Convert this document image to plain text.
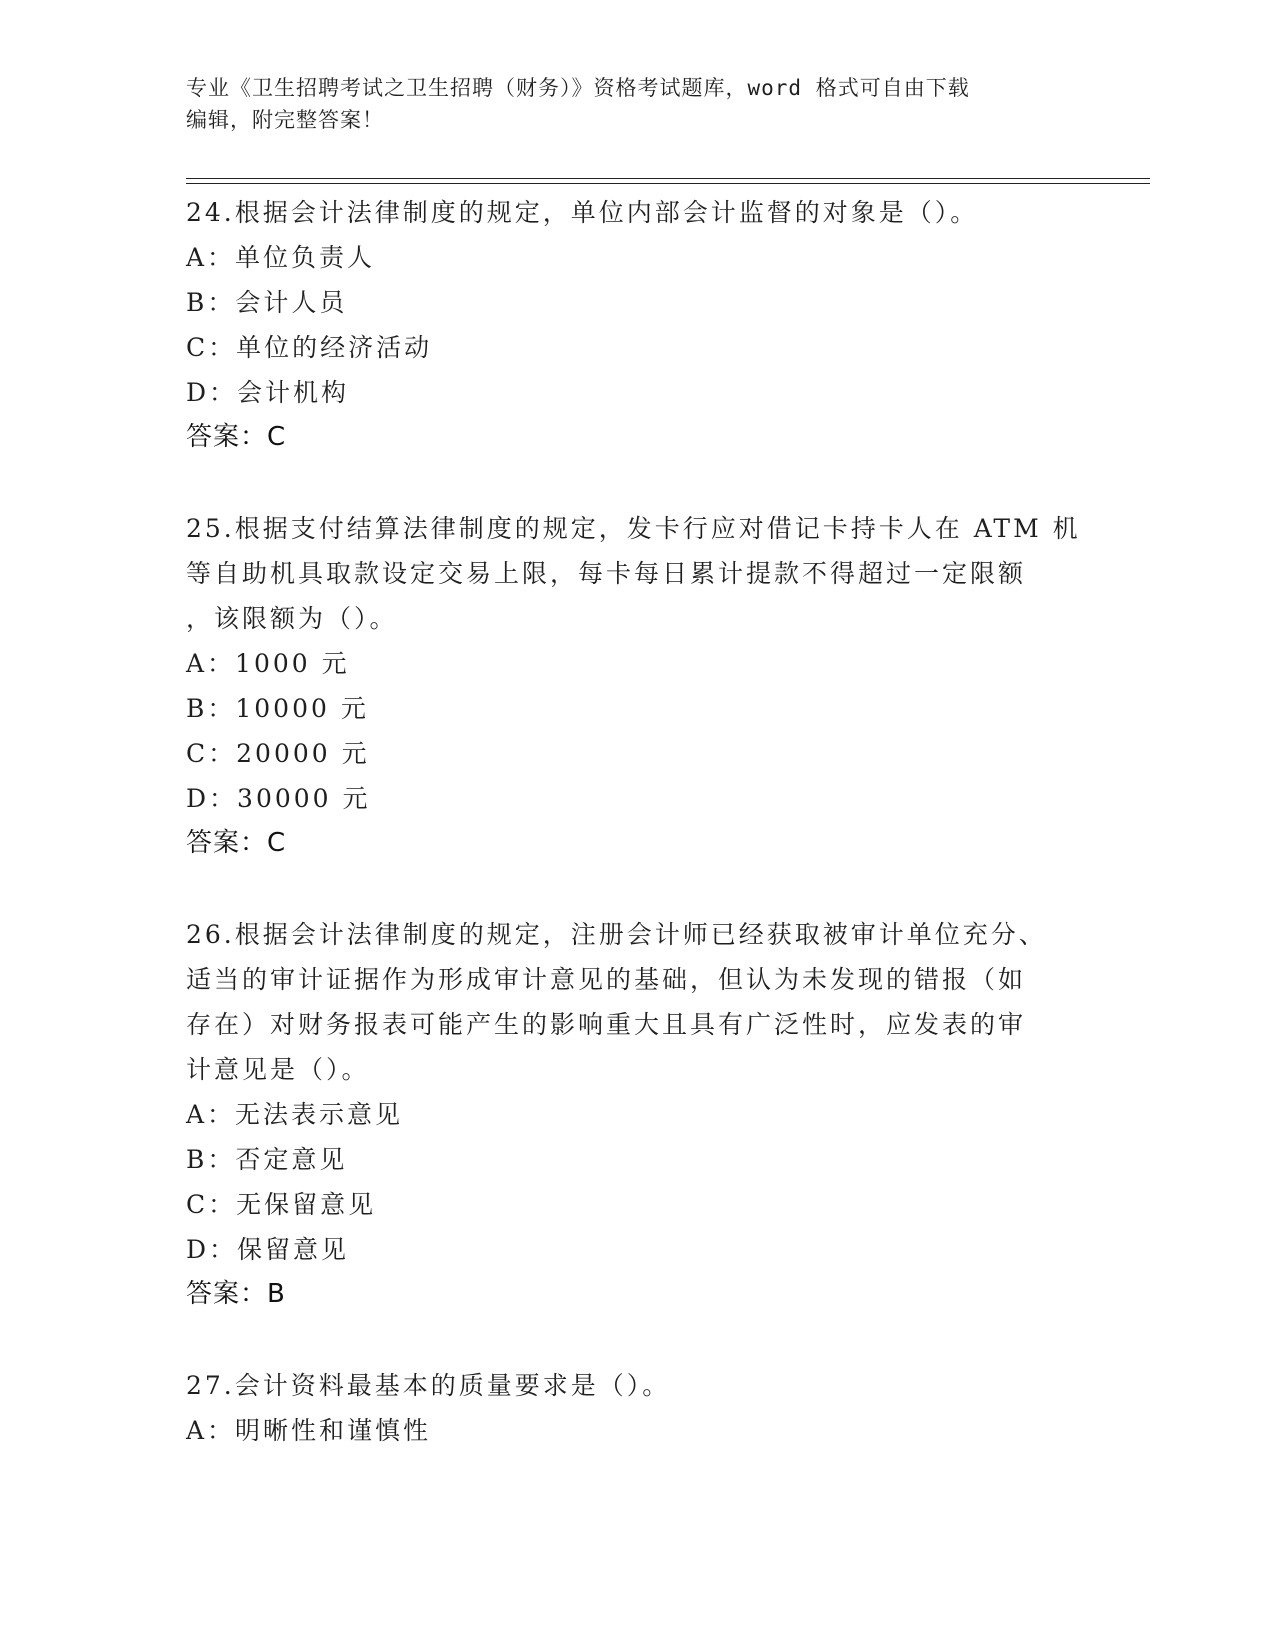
专业《卫生招聘考试之卫生招聘（财务）》资格考试题库，word 格式可自由下载
编辑，附完整答案！
24.根据会计法律制度的规定，单位内部会计监督的对象是（）。
A：单位负责人
B：会计人员
C：单位的经济活动
D：会计机构
答案：C
25.根据支付结算法律制度的规定，发卡行应对借记卡持卡人在 ATM 机
等自助机具取款设定交易上限，每卡每日累计提款不得超过一定限额
，该限额为（）。
A：1000 元
B：10000 元
C：20000 元
D：30000 元
答案：C
26.根据会计法律制度的规定，注册会计师已经获取被审计单位充分、
适当的审计证据作为形成审计意见的基础，但认为未发现的错报（如
存在）对财务报表可能产生的影响重大且具有广泛性时，应发表的审
计意见是（）。
A：无法表示意见
B：否定意见
C：无保留意见
D：保留意见
答案：B
27.会计资料最基本的质量要求是（）。
A：明晰性和谨慎性
